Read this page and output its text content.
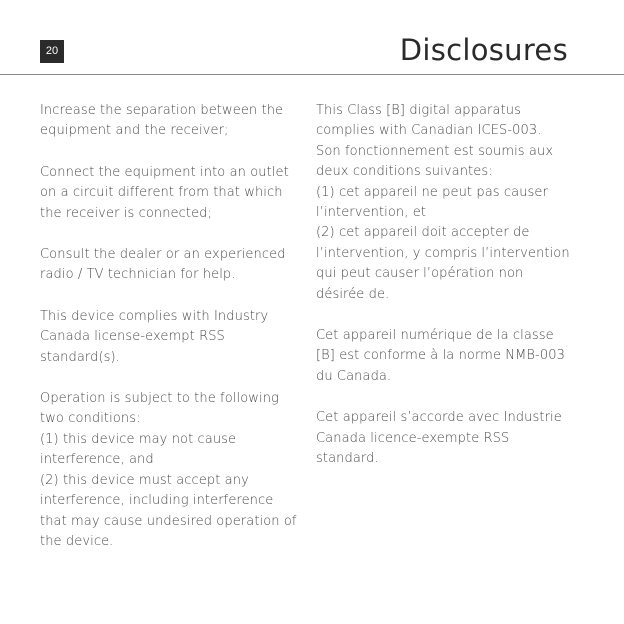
20	Disclosures

Increase the separation between the
equipment and the receiver;

Connect the equipment into an outlet
on a circuit different from that which
the receiver is connected;

Consult the dealer or an experienced
radio / TV technician for help.

This device complies with Industry
Canada license-exempt RSS
standard(s).

Operation is subject to the following
two conditions:
(1) this device may not cause
interference, and
(2) this device must accept any
interference, including interference
that may cause undesired operation of
the device.

This Class [B] digital apparatus
complies with Canadian ICES-003.
Son fonctionnement est soumis aux
deux conditions suivantes:
(1) cet appareil ne peut pas causer
l’intervention, et
(2) cet appareil doit accepter de
l’intervention, y compris l’intervention
qui peut causer l’opération non
désirée de.

Cet appareil numérique de la classe
[B] est conforme à la norme NMB-003
du Canada.

Cet appareil s’accorde avec Industrie
Canada licence-exempte RSS
standard.
